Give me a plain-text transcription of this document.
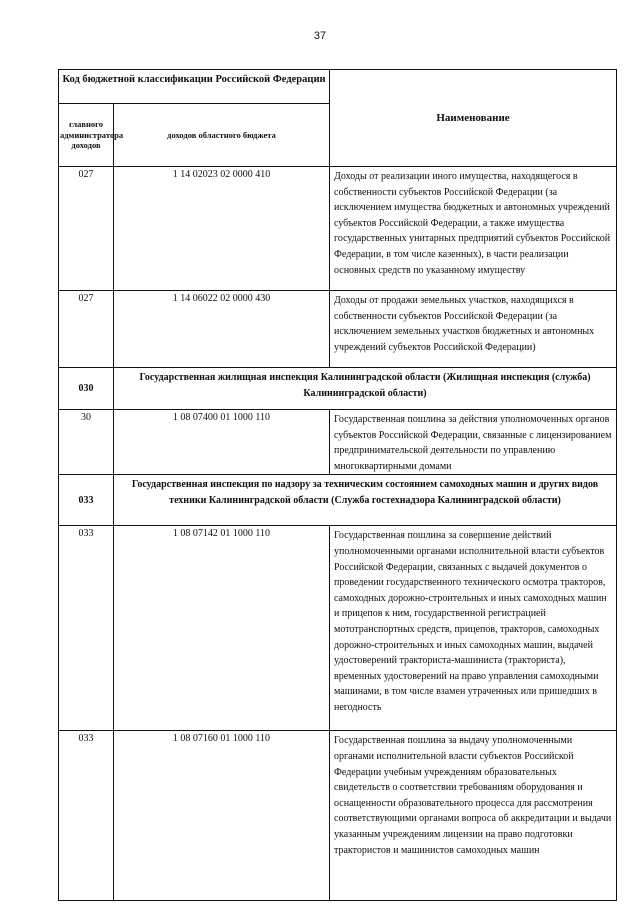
37
Код бюджетной классификации Российской Федерации		Наименование
главного администратора доходов	доходов областного бюджета	
027	1 14 02023 02 0000 410	Доходы от реализации иного имущества, находящегося в собственности субъектов Российской Федерации (за исключением имущества бюджетных и автономных учреждений субъектов Российской Федерации, а также имущества государственных унитарных предприятий субъектов Российской Федерации, в том числе казенных), в части реализации основных средств по указанному имуществу
027	1 14 06022 02 0000 430	Доходы от продажи земельных участков, находящихся в собственности субъектов Российской Федерации (за исключением земельных участков бюджетных и автономных учреждений субъектов Российской Федерации)
030	Государственная жилищная инспекция Калининградской области (Жилищная инспекция (служба) Калининградской области)	
30	1 08 07400 01 1000 110	Государственная пошлина за действия уполномоченных органов субъектов Российской Федерации, связанные с лицензированием предпринимательской деятельности по управлению многоквартирными домами
033	Государственная инспекция по надзору за техническим состоянием самоходных машин и других видов техники Калининградской области (Служба гостехнадзора Калининградской области)	
033	1 08 07142 01 1000 110	Государственная пошлина за совершение действий уполномоченными органами исполнительной власти субъектов Российской Федерации, связанных с выдачей документов о проведении государственного технического осмотра тракторов, самоходных дорожно-строительных и иных самоходных машин и прицепов к ним, государственной регистрацией мототранспортных средств, прицепов, тракторов, самоходных дорожно-строительных и иных самоходных машин, выдачей удостоверений тракториста-машиниста (тракториста), временных удостоверений на право управления самоходными машинами, в том числе взамен утраченных или пришедших в негодность
033	1 08 07160 01 1000 110	Государственная пошлина за выдачу уполномоченными органами исполнительной власти субъектов Российской Федерации учебным учреждениям образовательных свидетельств о соответствии требованиям оборудования и оснащенности образовательного процесса для рассмотрения соответствующими органами вопроса об аккредитации и выдачи указанным учреждениям лицензии на право подготовки трактористов и машинистов самоходных машин
